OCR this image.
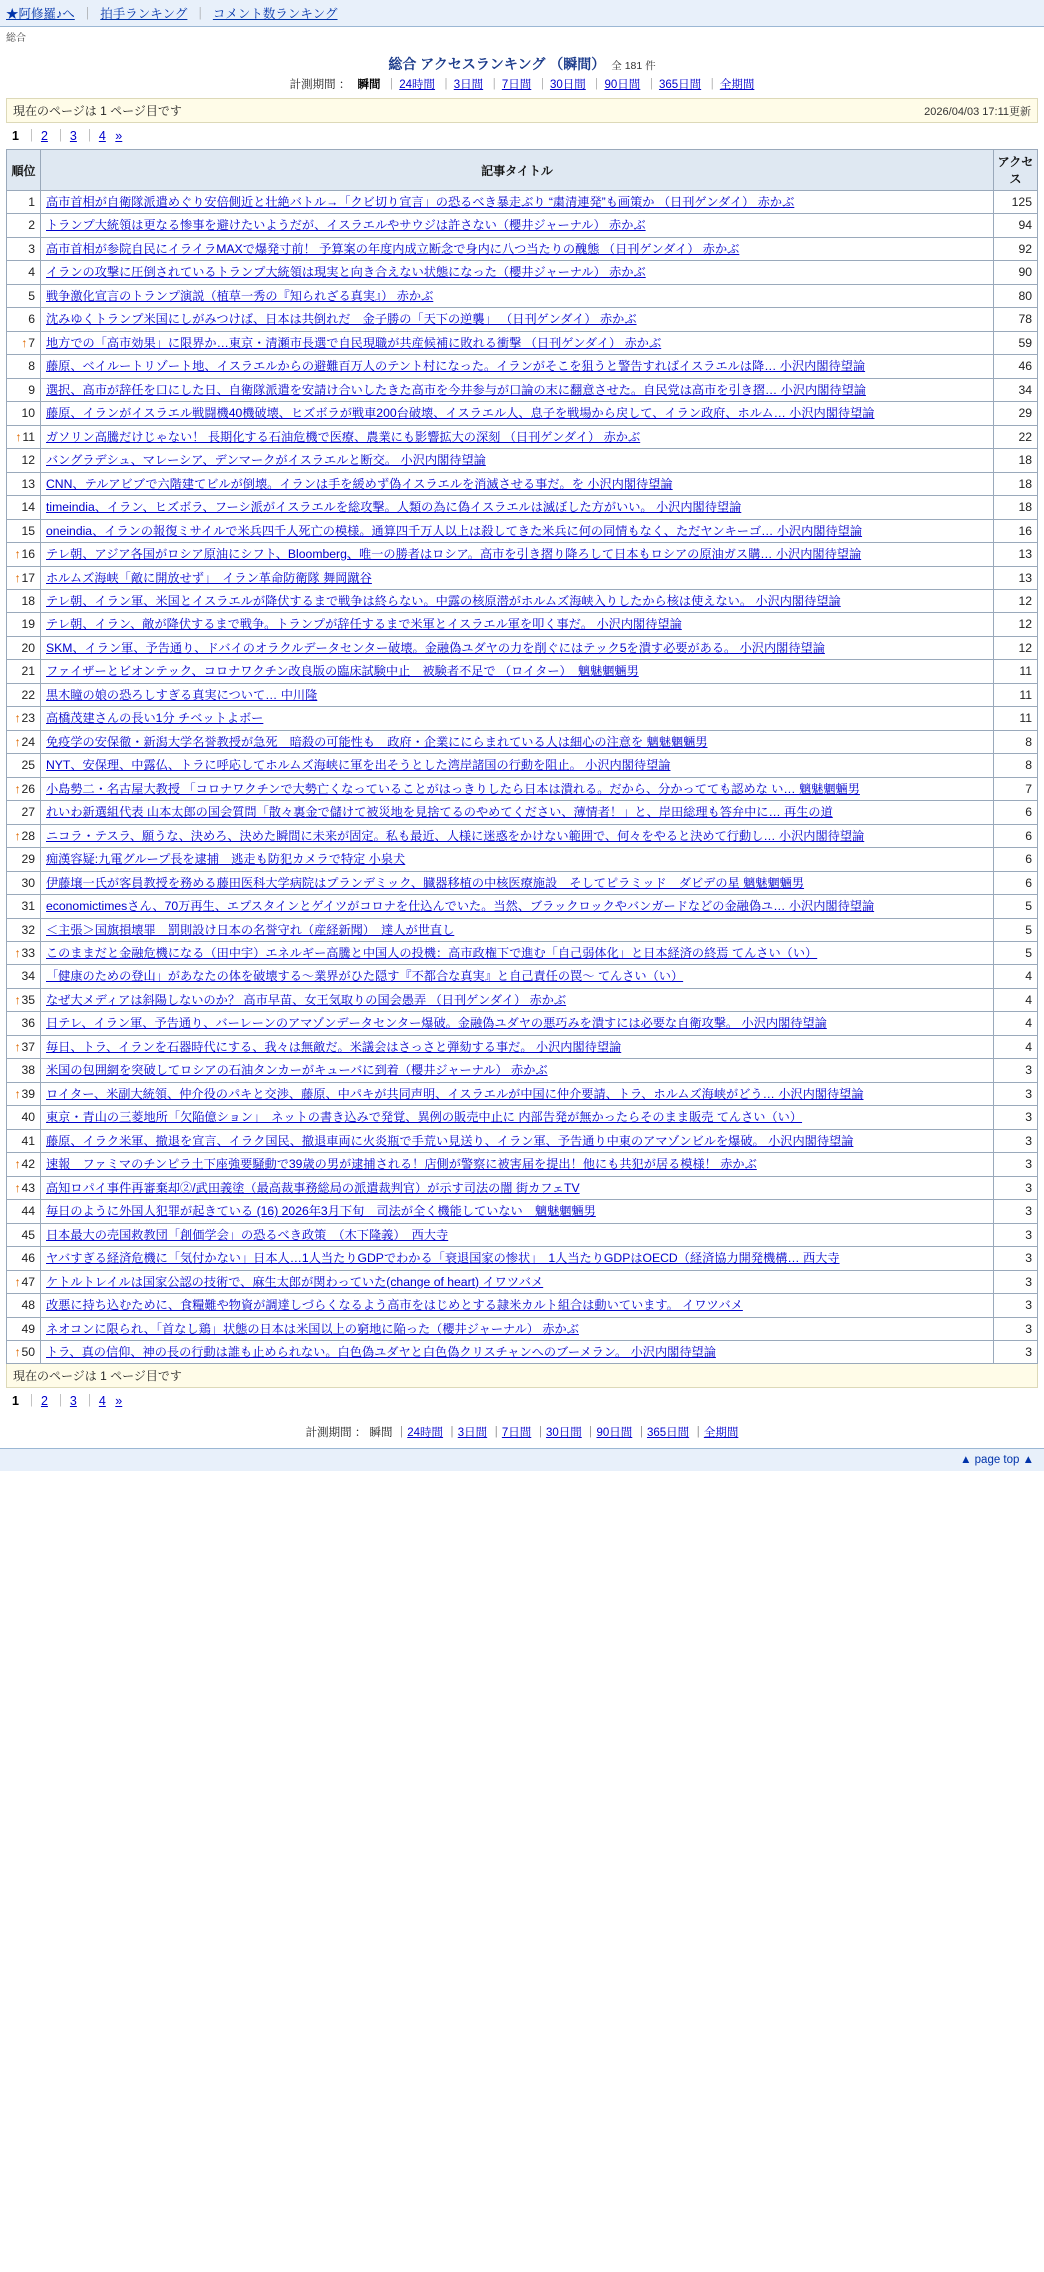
★阿修羅♪へ ｜ 拍手ランキング ｜ コメント数ランキング
総合
総合 アクセスランキング （瞬間） 全 181 件
計測期間 ： 瞬間 ｜ 24時間 ｜ 3日間 ｜ 7日間 ｜ 30日間 ｜ 90日間 ｜ 365日間 ｜ 全期間
現在のページは 1 ページ目です	2026/04/03 17:11更新
1 ｜ 2 ｜ 3 ｜ 4 »
順位	記事タイトル	アクセス
1	高市首相が自衛隊派遣めぐり安倍側近と壮絶バトル→「クビ切り宣言」の恐るべき暴走ぶり “粛清連発”も画策か （日刊ゲンダイ） 赤かぶ	125
2	トランプ大統領は更なる惨事を避けたいようだが、イスラエルやサウジは許さない（櫻井ジャーナル） 赤かぶ	94
3	高市首相が参院自民にイライラMAXで爆発寸前！ 予算案の年度内成立断念で身内に八つ当たりの醜態 （日刊ゲンダイ） 赤かぶ	92
4	イランの攻撃に圧倒されているトランプ大統領は現実と向き合えない状態になった（櫻井ジャーナル） 赤かぶ	90
5	戦争激化宣言のトランプ演説（植草一秀の『知られざる真実』） 赤かぶ	80
6	沈みゆくトランプ米国にしがみつけば、日本は共倒れだ　金子勝の「天下の逆襲」 （日刊ゲンダイ） 赤かぶ	78
↑7	地方での「高市効果」に限界か…東京・清瀬市長選で自民現職が共産候補に敗れる衝撃 （日刊ゲンダイ） 赤かぶ	59
8	藤原、ベイルートリゾート地、イスラエルからの避難百万人のテント村になった。イランがそこを狙うと警告すればイスラエルは降… 小沢内閣待望論	46
9	選択、高市が辞任を口にした日、自衛隊派遣を安請け合いしたきた高市を今井参与が口論の末に翻意させた。自民党は高市を引き摺… 小沢内閣待望論	34
10	藤原、イランがイスラエル戦闘機40機破壊、ヒズボラが戦車200台破壊、イスラエル人、息子を戦場から戻して、イラン政府、ホルム… 小沢内閣待望論	29
↑11	ガソリン高騰だけじゃない！ 長期化する石油危機で医療、農業にも影響拡大の深刻 （日刊ゲンダイ） 赤かぶ	22
12	バングラデシュ、マレーシア、デンマークがイスラエルと断交。 小沢内閣待望論	18
13	CNN、テルアビブで六階建てビルが倒壊。イランは手を緩めず偽イスラエルを消滅させる事だ。を 小沢内閣待望論	18
14	timeindia、イラン、ヒズボラ、フーシ派がイスラエルを総攻撃。人類の為に偽イスラエルは滅ぼした方がいい。 小沢内閣待望論	18
15	oneindia、イランの報復ミサイルで米兵四千人死亡の模様。通算四千万人以上は殺してきた米兵に何の同情もなく、ただヤンキーゴ… 小沢内閣待望論	16
↑16	テレ朝、アジア各国がロシア原油にシフト、Bloomberg、唯一の勝者はロシア。高市を引き摺り降ろして日本もロシアの原油ガス購… 小沢内閣待望論	13
↑17	ホルムズ海峡「敵に開放せず」　イラン革命防衛隊 舞岡蹴谷	13
18	テレ朝、イラン軍、米国とイスラエルが降伏するまで戦争は終らない。中露の核原潜がホルムズ海峡入りしたから核は使えない。 小沢内閣待望論	12
19	テレ朝、イラン、敵が降伏するまで戦争。トランプが辞任するまで米軍とイスラエル軍を叩く事だ。 小沢内閣待望論	12
20	SKM、イラン軍、予告通り、ドバイのオラクルデータセンター破壊。金融偽ユダヤの力を削ぐにはテック5を潰す必要がある。 小沢内閣待望論	12
21	ファイザーとビオンテック、コロナワクチン改良版の臨床試験中止　被験者不足で （ロイター）　魑魅魍魎男	11
22	黒木瞳の娘の恐ろしすぎる真実について… 中川隆	11
↑23	高橋茂建さんの長い1分 チベットよボー	11
↑24	免疫学の安保徹・新潟大学名誉教授が急死　暗殺の可能性も　政府・企業ににらまれている人は細心の注意を 魑魅魍魎男	8
25	NYT、安保理、中露仏、トラに呼応してホルムズ海峡に軍を出そうとした湾岸諸国の行動を阻止。 小沢内閣待望論	8
↑26	小島勢二・名古屋大教授 「コロナワクチンで大勢亡くなっていることがはっきりしたら日本は潰れる。だから、分かってても認めな い… 魑魅魍魎男	7
27	れいわ新選組代表 山本太郎の国会質問「散々裏金で儲けて被災地を見捨てるのやめてください、薄情者！」と、岸田総理も答弁中に… 再生の道	6
↑28	ニコラ・テスラ、願うな、決めろ、決めた瞬間に未来が固定。私も最近、人様に迷惑をかけない範囲で、何々をやると決めて行動し… 小沢内閣待望論	6
29	痴漢容疑:九電グループ長を逮捕　逃走も防犯カメラで特定 小泉犬	6
30	伊藤壌一氏が客員教授を務める藤田医科大学病院はプランデミック、臓器移植の中核医療施設　そしてピラミッド　ダビデの星 魑魅魍魎男	6
31	economictimesさん、70万再生、エプスタインとゲイツがコロナを仕込んでいた。当然、ブラックロックやバンガードなどの金融偽ユ… 小沢内閣待望論	5
32	＜主張＞国旗損壊罪　罰則設け日本の名誉守れ（産経新聞）　達人が世直し	5
↑33	このままだと金融危機になる（田中宇）エネルギー高騰と中国人の投機：高市政権下で進む「自己弱体化」と日本経済の終焉 てんさい（い）	5
34	「健康のための登山」があなたの体を破壊する〜業界がひた隠す『不都合な真実』と自己責任の罠〜 てんさい（い）	4
↑35	なぜ大メディアは斜陽しないのか？ 高市早苗、女王気取りの国会愚弄 （日刊ゲンダイ） 赤かぶ	4
36	日テレ、イラン軍、予告通り、バーレーンのアマゾンデータセンター爆破。金融偽ユダヤの悪巧みを潰すには必要な自衛攻撃。 小沢内閣待望論	4
↑37	毎日、トラ、イランを石器時代にする、我々は無敵だ。米議会はさっさと弾劾する事だ。 小沢内閣待望論	4
38	米国の包囲網を突破してロシアの石油タンカーがキューバに到着（櫻井ジャーナル） 赤かぶ	3
↑39	ロイター、米副大統領、仲介役のパキと交渉、藤原、中パキが共同声明、イスラエルが中国に仲介要請、トラ、ホルムズ海峡がどう… 小沢内閣待望論	3
40	東京・青山の三菱地所「欠陥億ション」　ネットの書き込みで発覚、異例の販売中止に 内部告発が無かったらそのまま販売 てんさい（い）	3
41	藤原、イラク米軍、撤退を宣言、イラク国民、撤退車両に火炎瓶で手荒い見送り、イラン軍、予告通り中東のアマゾンビルを爆破。 小沢内閣待望論	3
↑42	速報　ファミマのチンピラ土下座強要騒動で39歳の男が逮捕される！店側が警察に被害届を提出！他にも共犯が居る模様！ 赤かぶ	3
↑43	高知ロパイ事件再審棄却②/武田義塗（最高裁事務総局の派遣裁判官）が示す司法の闇 街カフェTV	3
44	毎日のように外国人犯罪が起きている (16) 2026年3月下旬　司法が全く機能していない　魑魅魍魎男	3
45	日本最大の売国救教団「創価学会」の恐るべき政策　（木下隆義）　西大寺	3
46	ヤバすぎる経済危機に「気付かない」日本人…1人当たりGDPでわかる「衰退国家の惨状」　1人当たりGDPはOECD（経済協力開発機構… 西大寺	3
↑47	ケトルトレイルは国家公認の技術で、麻生太郎が関わっていた(change of heart) イワツバメ	3
48	改悪に持ち込むために、食糧難や物資が調達しづらくなるよう高市をはじめとする隷米カルト組合は動いています。 イワツバメ	3
49	ネオコンに限られ、「首なし鶏」状態の日本は米国以上の窮地に陥った（櫻井ジャーナル） 赤かぶ	3
↑50	トラ、真の信仰、神の長の行動は誰も止められない。白色偽ユダヤと白色偽クリスチャンへのブーメラン。 小沢内閣待望論	3
現在のページは 1 ページ目です
1 ｜ 2 ｜ 3 ｜ 4 »
計測期間 ： 瞬間 ｜24時間 ｜3日間 ｜7日間 ｜30日間 ｜90日間 ｜365日間 ｜全期間
▲ page top ▲
